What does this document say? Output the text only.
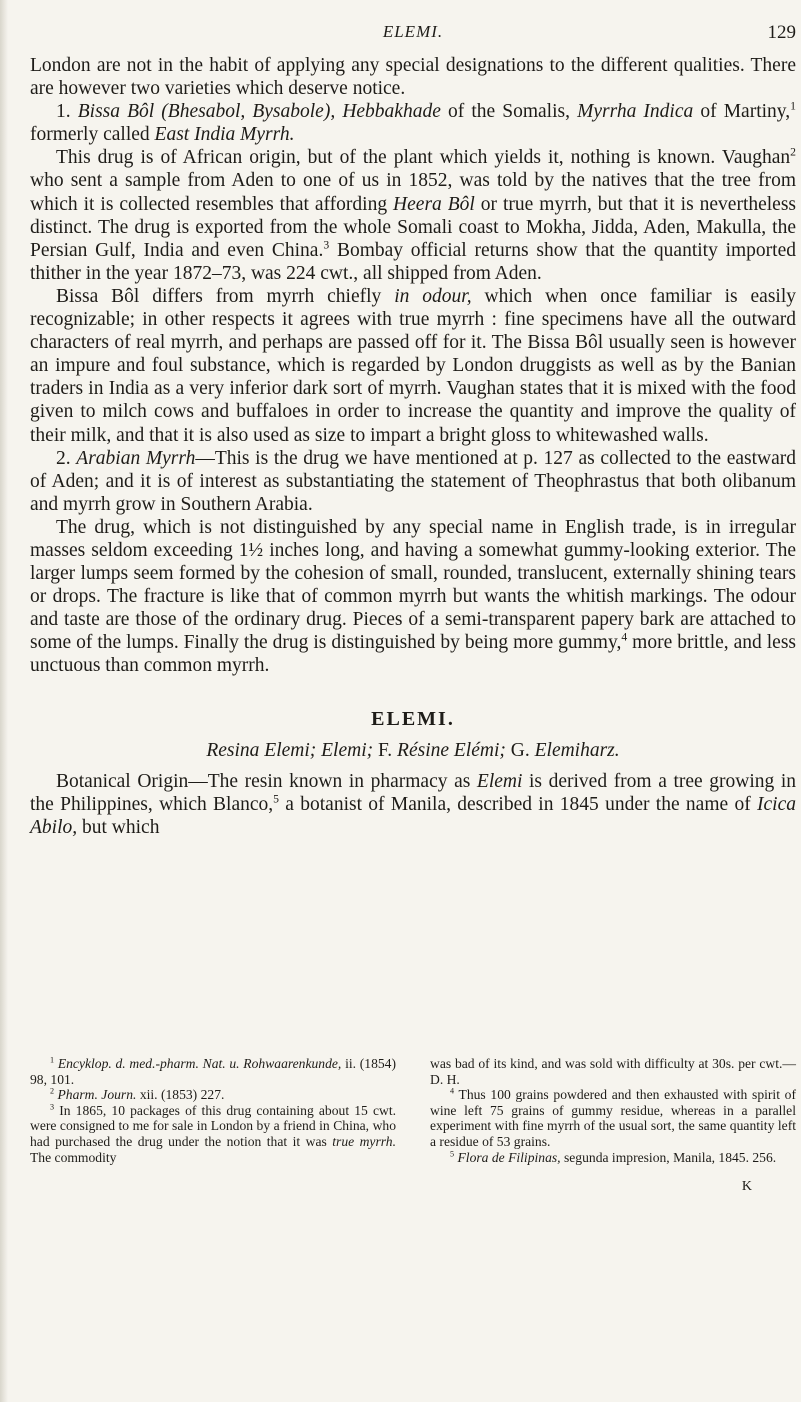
ELEMI.	129

London are not in the habit of applying any special designations to the different qualities. There are however two varieties which deserve notice.

1. Bissa Bôl (Bhesabol, Bysabole), Hebbakhade of the Somalis, Myrrha Indica of Martiny,$^1$ formerly called East India Myrrh.

This drug is of African origin, but of the plant which yields it, nothing is known. Vaughan$^2$ who sent a sample from Aden to one of us in 1852, was told by the natives that the tree from which it is collected resembles that affording Heera Bôl or true myrrh, but that it is nevertheless distinct. The drug is exported from the whole Somali coast to Mokha, Jidda, Aden, Makulla, the Persian Gulf, India and even China.$^3$ Bombay official returns show that the quantity imported thither in the year 1872–73, was 224 cwt., all shipped from Aden.

Bissa Bôl differs from myrrh chiefly in odour, which when once familiar is easily recognizable; in other respects it agrees with true myrrh : fine specimens have all the outward characters of real myrrh, and perhaps are passed off for it. The Bissa Bôl usually seen is however an impure and foul substance, which is regarded by London druggists as well as by the Banian traders in India as a very inferior dark sort of myrrh. Vaughan states that it is mixed with the food given to milch cows and buffaloes in order to increase the quantity and improve the quality of their milk, and that it is also used as size to impart a bright gloss to whitewashed walls.

2. Arabian Myrrh—This is the drug we have mentioned at p. 127 as collected to the eastward of Aden; and it is of interest as substantiating the statement of Theophrastus that both olibanum and myrrh grow in Southern Arabia.

The drug, which is not distinguished by any special name in English trade, is in irregular masses seldom exceeding 1½ inches long, and having a somewhat gummy-looking exterior. The larger lumps seem formed by the cohesion of small, rounded, translucent, externally shining tears or drops. The fracture is like that of common myrrh but wants the whitish markings. The odour and taste are those of the ordinary drug. Pieces of a semi-transparent papery bark are attached to some of the lumps. Finally the drug is distinguished by being more gummy,$^4$ more brittle, and less unctuous than common myrrh.

ELEMI.

Resina Elemi; Elemi; F. Résine Elémi; G. Elemiharz.

Botanical Origin—The resin known in pharmacy as Elemi is derived from a tree growing in the Philippines, which Blanco,$^5$ a botanist of Manila, described in 1845 under the name of Icica Abilo, but which

$^1$ Encyklop. d. med.-pharm. Nat. u. Rohwaarenkunde, ii. (1854) 98, 101.

$^2$ Pharm. Journ. xii. (1853) 227.

$^3$ In 1865, 10 packages of this drug containing about 15 cwt. were consigned to me for sale in London by a friend in China, who had purchased the drug under the notion that it was true myrrh. The commodity

was bad of its kind, and was sold with difficulty at 30s. per cwt.—D. H.

$^4$ Thus 100 grains powdered and then exhausted with spirit of wine left 75 grains of gummy residue, whereas in a parallel experiment with fine myrrh of the usual sort, the same quantity left a residue of 53 grains.

$^5$ Flora de Filipinas, segunda impresion, Manila, 1845. 256.

K
